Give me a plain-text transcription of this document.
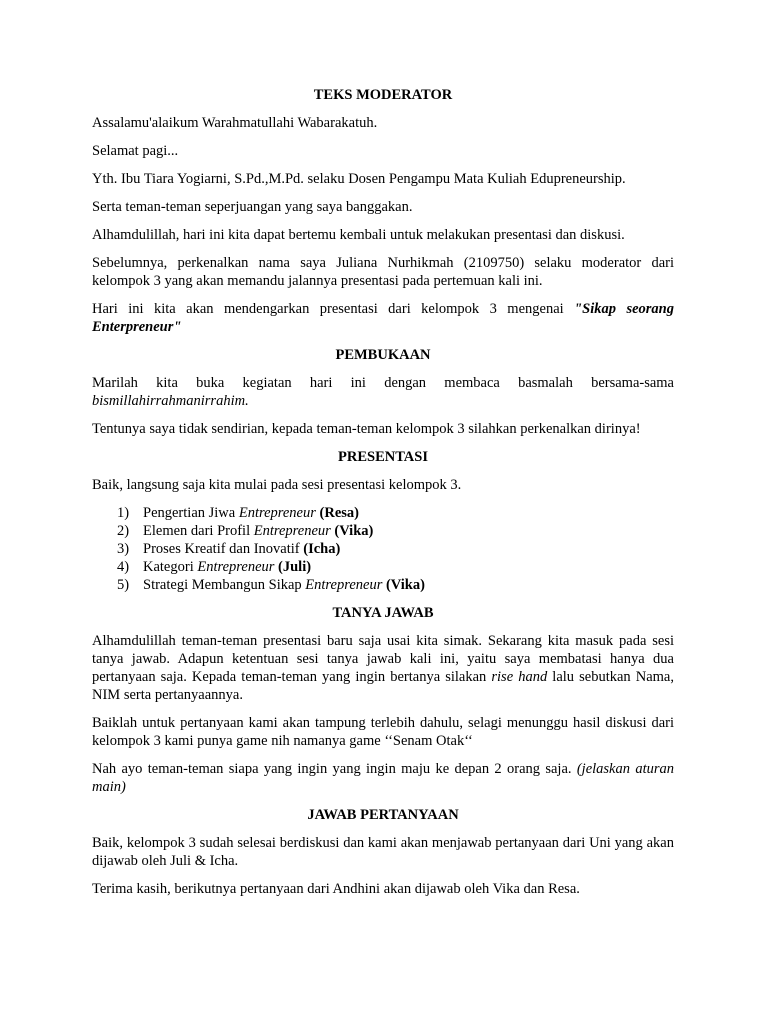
TEKS MODERATOR

Assalamu'alaikum Warahmatullahi Wabarakatuh.

Selamat pagi...

Yth. Ibu Tiara Yogiarni, S.Pd.,M.Pd. selaku Dosen Pengampu Mata Kuliah Edupreneurship.

Serta teman-teman seperjuangan yang saya banggakan.

Alhamdulillah, hari ini kita dapat bertemu kembali untuk melakukan presentasi dan diskusi.

Sebelumnya, perkenalkan nama saya Juliana Nurhikmah (2109750) selaku moderator dari kelompok 3 yang akan memandu jalannya presentasi pada pertemuan kali ini.

Hari ini kita akan mendengarkan presentasi dari kelompok 3 mengenai "Sikap seorang Enterpreneur"

PEMBUKAAN

Marilah kita buka kegiatan hari ini dengan membaca basmalah bersama-sama bismillahirrahmanirrahim.

Tentunya saya tidak sendirian, kepada teman-teman kelompok 3 silahkan perkenalkan dirinya!

PRESENTASI

Baik, langsung saja kita mulai pada sesi presentasi kelompok 3.

1) Pengertian Jiwa Entrepreneur (Resa)
2) Elemen dari Profil Entrepreneur (Vika)
3) Proses Kreatif dan Inovatif (Icha)
4) Kategori Entrepreneur (Juli)
5) Strategi Membangun Sikap Entrepreneur (Vika)

TANYA JAWAB

Alhamdulillah teman-teman presentasi baru saja usai kita simak. Sekarang kita masuk pada sesi tanya jawab. Adapun ketentuan sesi tanya jawab kali ini, yaitu saya membatasi hanya dua pertanyaan saja. Kepada teman-teman yang ingin bertanya silakan rise hand lalu sebutkan Nama, NIM serta pertanyaannya.

Baiklah untuk pertanyaan kami akan tampung terlebih dahulu, selagi menunggu hasil diskusi dari kelompok 3 kami punya game nih namanya game ‘‘Senam Otak‘‘

Nah ayo teman-teman siapa yang ingin yang ingin maju ke depan 2 orang saja. (jelaskan aturan main)

JAWAB PERTANYAAN

Baik, kelompok 3 sudah selesai berdiskusi dan kami akan menjawab pertanyaan dari Uni yang akan dijawab oleh Juli & Icha.

Terima kasih, berikutnya pertanyaan dari Andhini akan dijawab oleh Vika dan Resa.
